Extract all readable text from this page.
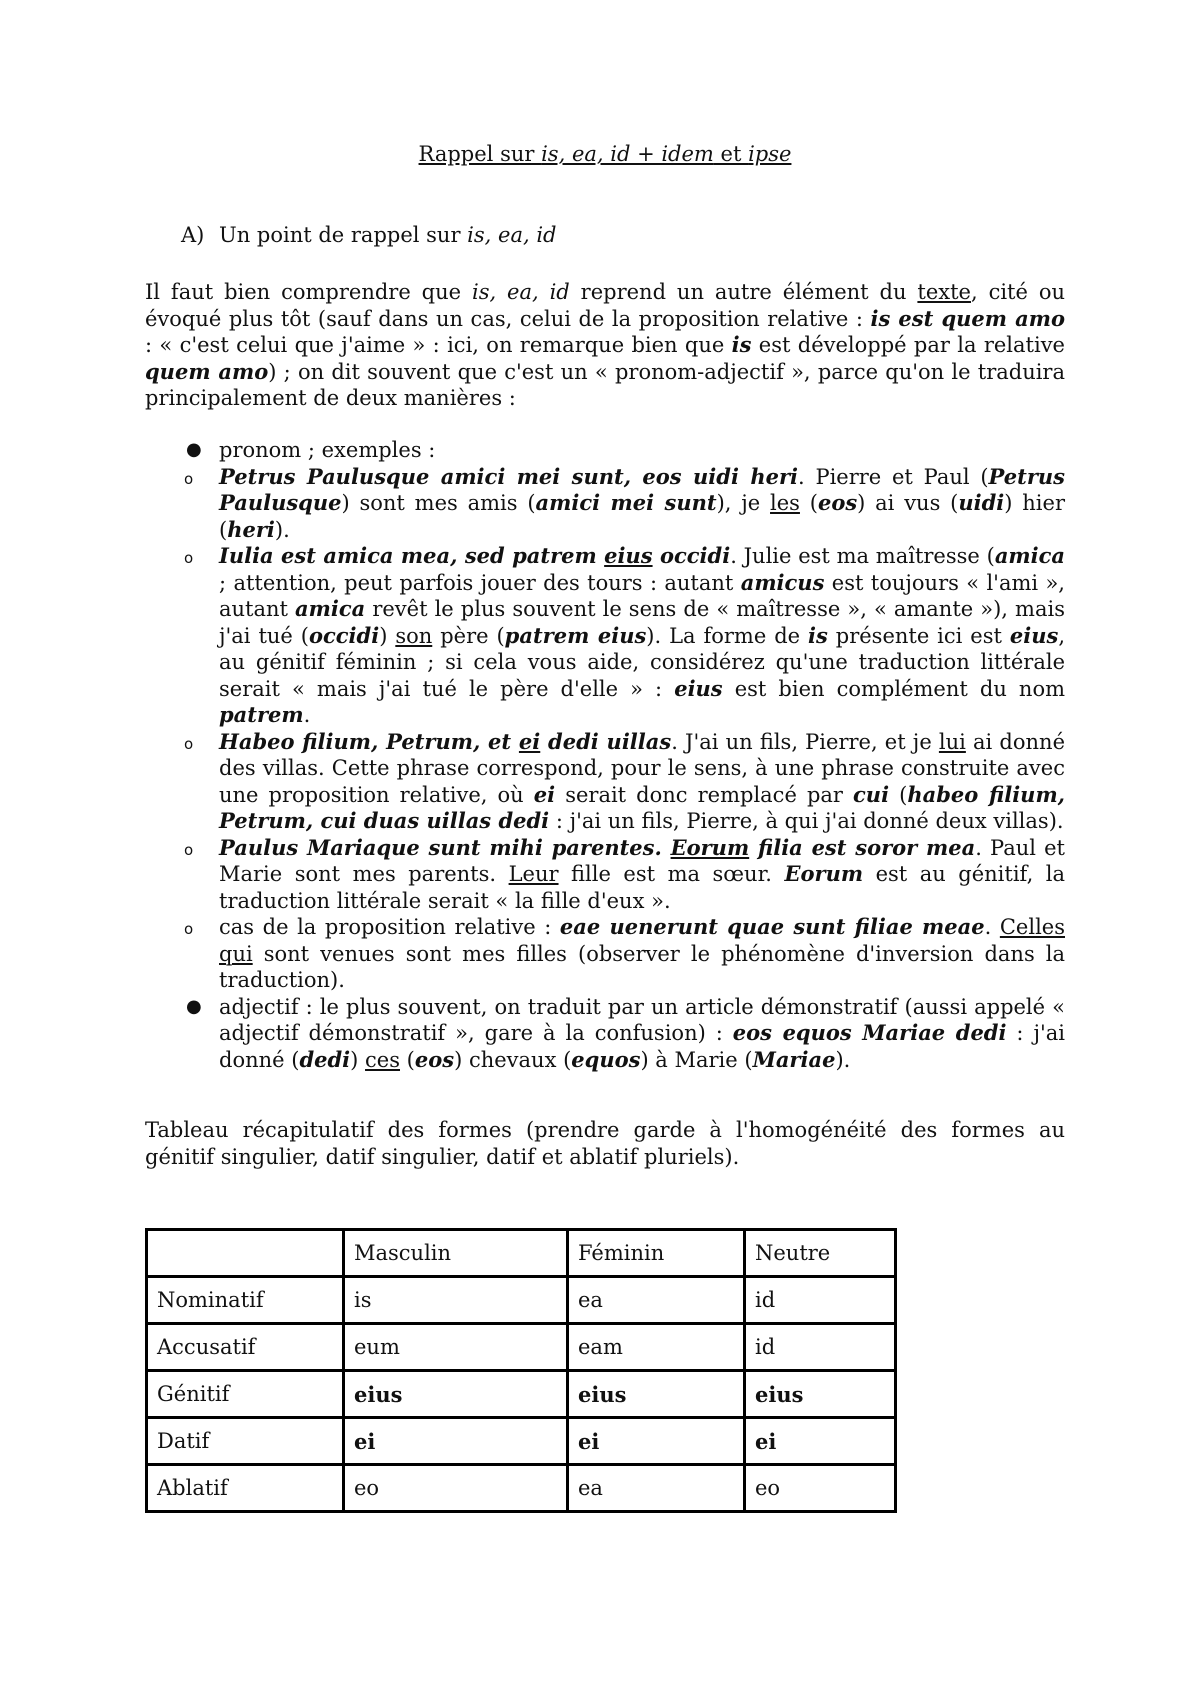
Rappel sur is, ea, id + idem et ipse
A) Un point de rappel sur is, ea, id
Il faut bien comprendre que is, ea, id reprend un autre élément du texte, cité ou évoqué plus tôt (sauf dans un cas, celui de la proposition relative : is est quem amo : « c'est celui que j'aime » : ici, on remarque bien que is est développé par la relative quem amo) ; on dit souvent que c'est un « pronom-adjectif », parce qu'on le traduira principalement de deux manières :
● pronom ; exemples :
o Petrus Paulusque amici mei sunt, eos uidi heri. Pierre et Paul (Petrus Paulusque) sont mes amis (amici mei sunt), je les (eos) ai vus (uidi) hier (heri).
o Iulia est amica mea, sed patrem eius occidi. Julie est ma maîtresse (amica ; attention, peut parfois jouer des tours : autant amicus est toujours « l'ami », autant amica revêt le plus souvent le sens de « maîtresse », « amante »), mais j'ai tué (occidi) son père (patrem eius). La forme de is présente ici est eius, au génitif féminin ; si cela vous aide, considérez qu'une traduction littérale serait « mais j'ai tué le père d'elle » : eius est bien complément du nom patrem.
o Habeo filium, Petrum, et ei dedi uillas. J'ai un fils, Pierre, et je lui ai donné des villas. Cette phrase correspond, pour le sens, à une phrase construite avec une proposition relative, où ei serait donc remplacé par cui (habeo filium, Petrum, cui duas uillas dedi : j'ai un fils, Pierre, à qui j'ai donné deux villas).
o Paulus Mariaque sunt mihi parentes. Eorum filia est soror mea. Paul et Marie sont mes parents. Leur fille est ma sœur. Eorum est au génitif, la traduction littérale serait « la fille d'eux ».
o cas de la proposition relative : eae uenerunt quae sunt filiae meae. Celles qui sont venues sont mes filles (observer le phénomène d'inversion dans la traduction).
● adjectif : le plus souvent, on traduit par un article démonstratif (aussi appelé « adjectif démonstratif », gare à la confusion) : eos equos Mariae dedi : j'ai donné (dedi) ces (eos) chevaux (equos) à Marie (Mariae).
Tableau récapitulatif des formes (prendre garde à l'homogénéité des formes au génitif singulier, datif singulier, datif et ablatif pluriels).
	Masculin	Féminin	Neutre
Nominatif	is	ea	id
Accusatif	eum	eam	id
Génitif	eius	eius	eius
Datif	ei	ei	ei
Ablatif	eo	ea	eo
